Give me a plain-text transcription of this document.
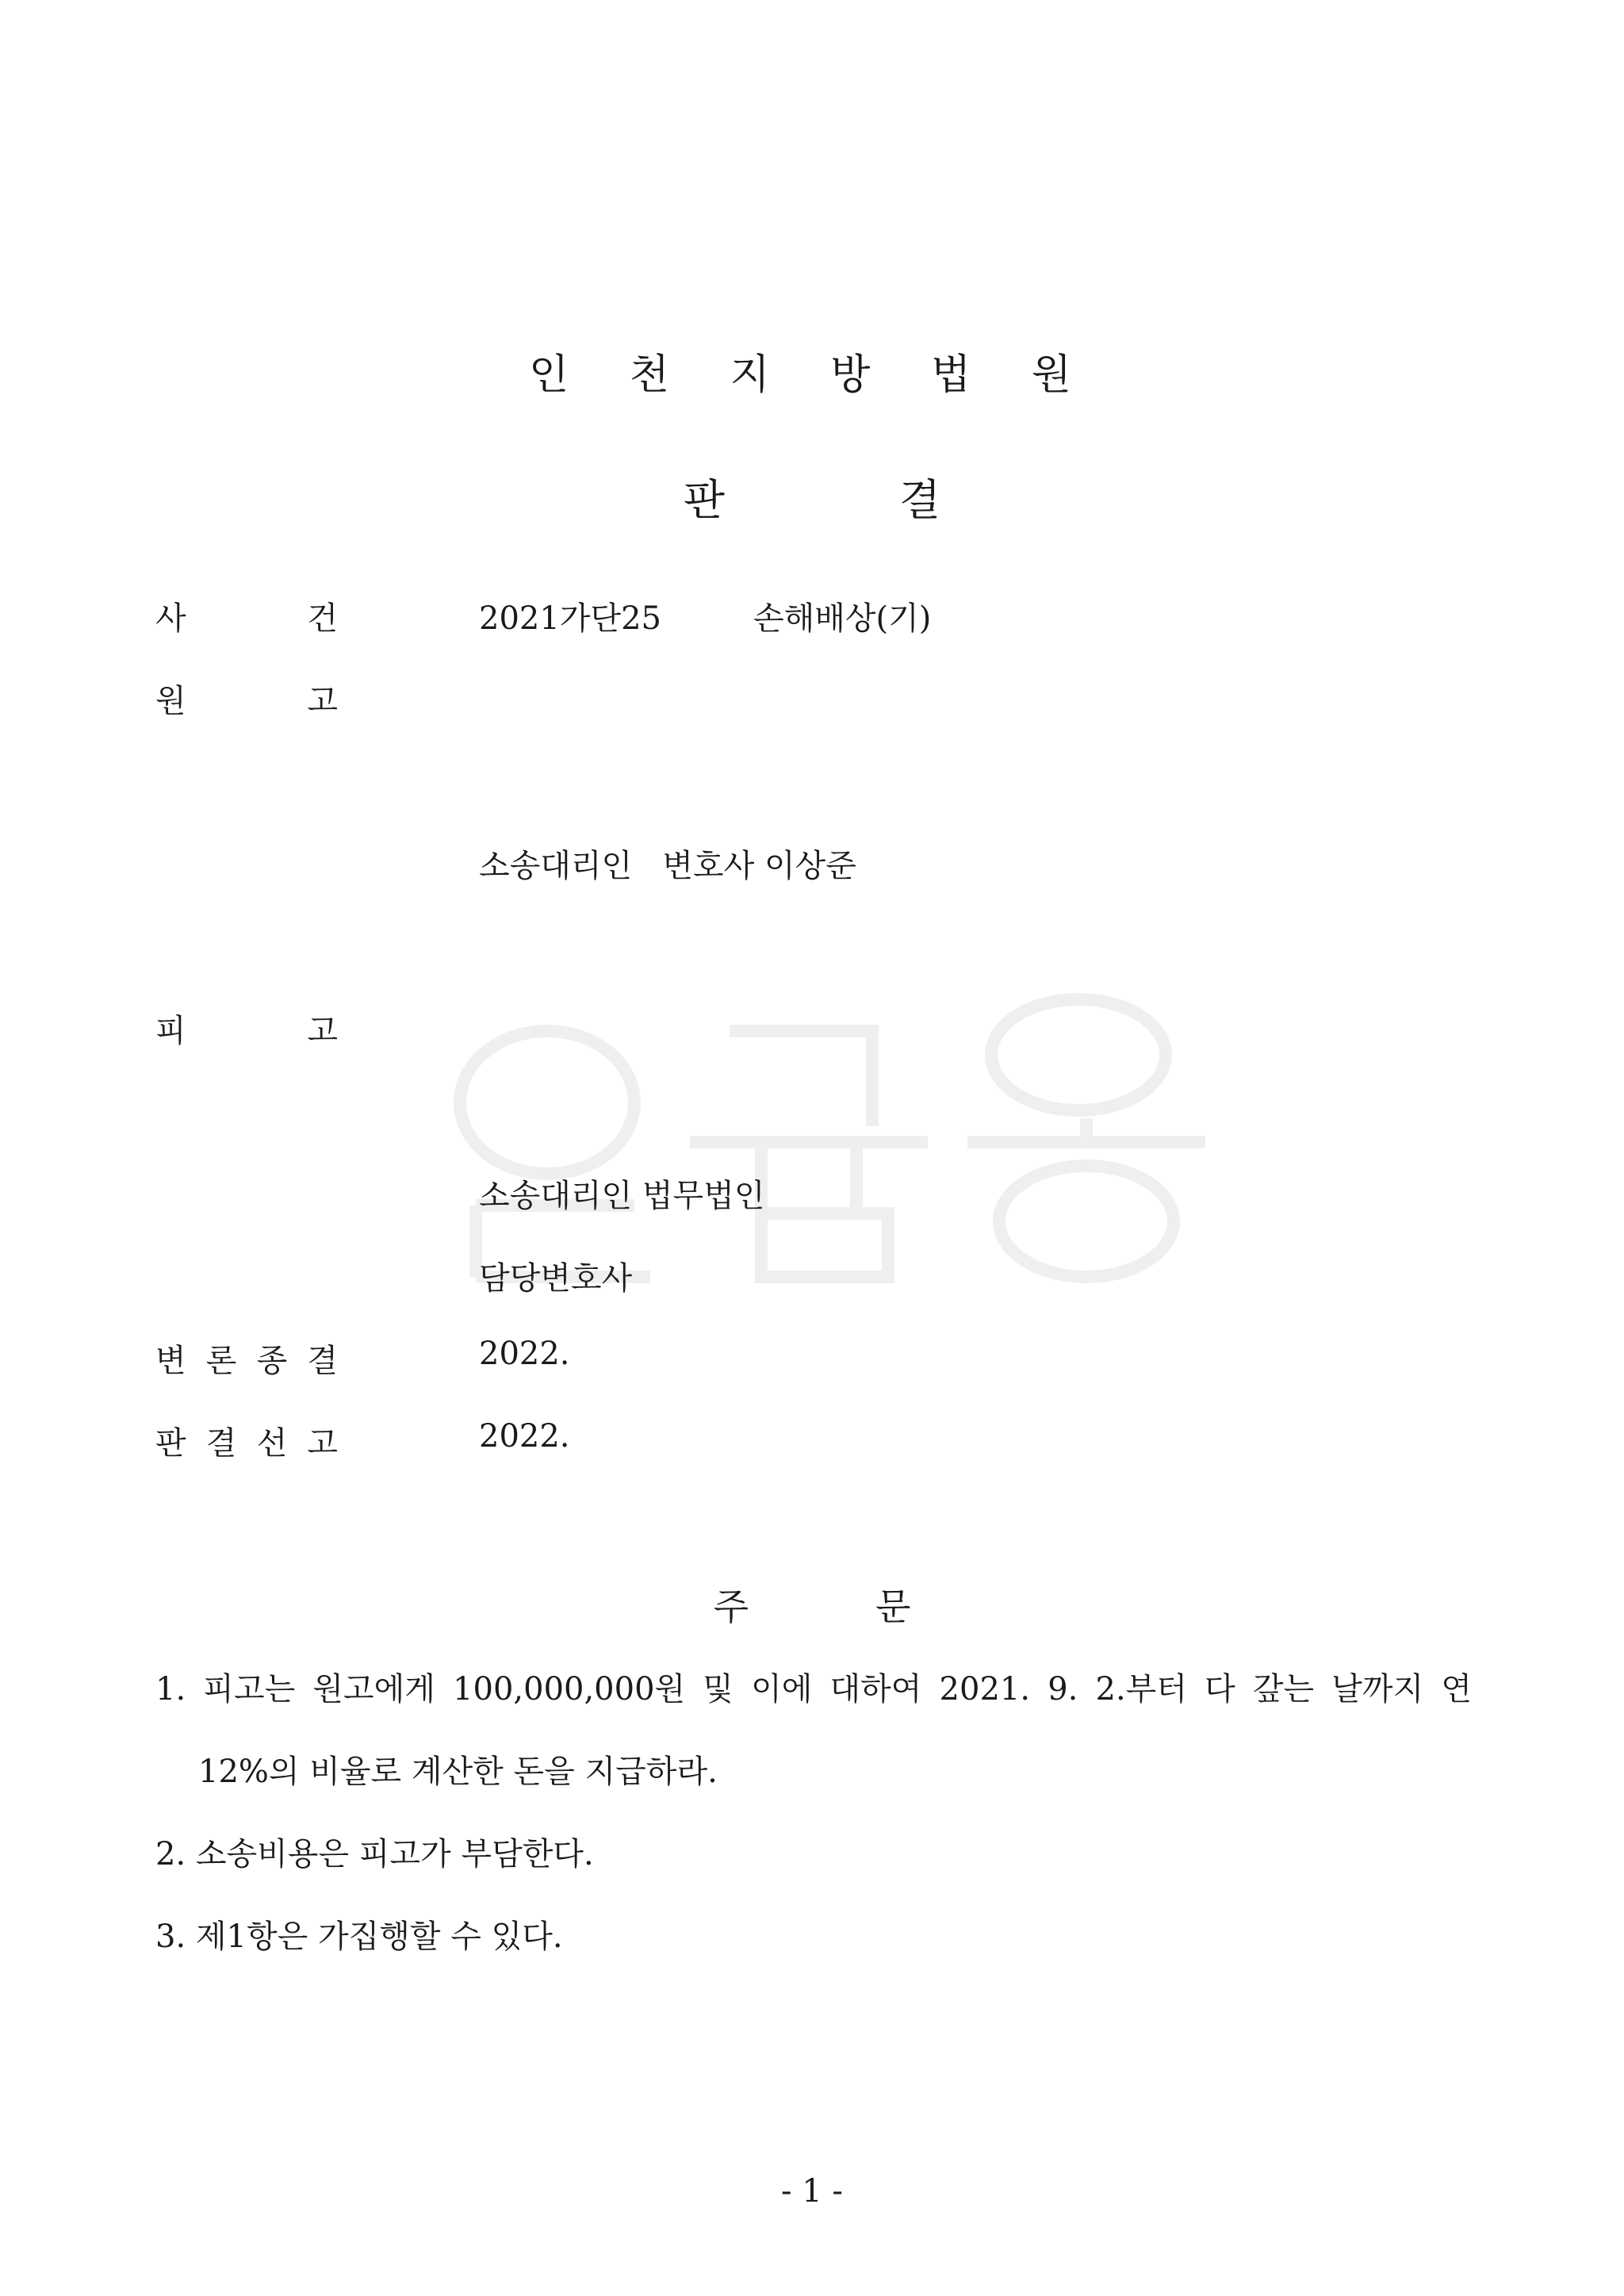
인 천 지 방 법 원
판결
사	건	2021가단25	손해배상(기)
원	고
소송대리인   변호사 이상준
피	고
소송대리인 법무법인
담당변호사
변 론 종 결	2022.
판 결 선 고	2022.
주문
1. 피고는 원고에게 100,000,000원 및 이에 대하여 2021. 9. 2.부터 다 갚는 날까지 연
12%의 비율로 계산한 돈을 지급하라.
2. 소송비용은 피고가 부담한다.
3. 제1항은 가집행할 수 있다.
- 1 -
